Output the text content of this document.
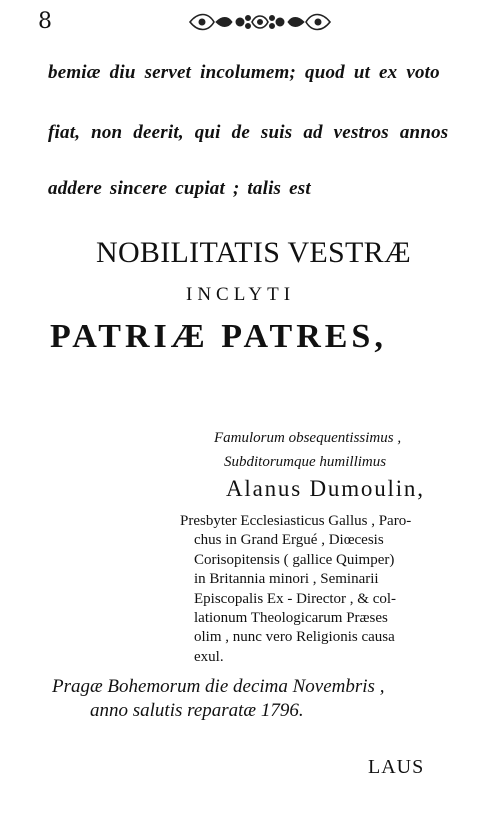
8
bemiæ diu servet incolumem; quod ut ex voto
fiat, non deerit, qui de suis ad vestros annos
addere sincere cupiat ; talis est
NOBILITATIS VESTRÆ
INCLYTI
PATRIÆ PATRES,
Famulorum obsequentissimus ,
Subditorumque humillimus
Alanus Dumoulin,
Presbyter Ecclesiasticus Gallus , Paro-
chus in Grand Ergué , Diœcesis
Corisopitensis ( gallice Quimper)
in Britannia minori , Seminarii
Episcopalis Ex - Director , & col-
lationum Theologicarum Præses
olim , nunc vero Religionis causa
exul.
Pragæ Bohemorum die decima Novembris ,
anno salutis reparatæ 1796.
LAUS
